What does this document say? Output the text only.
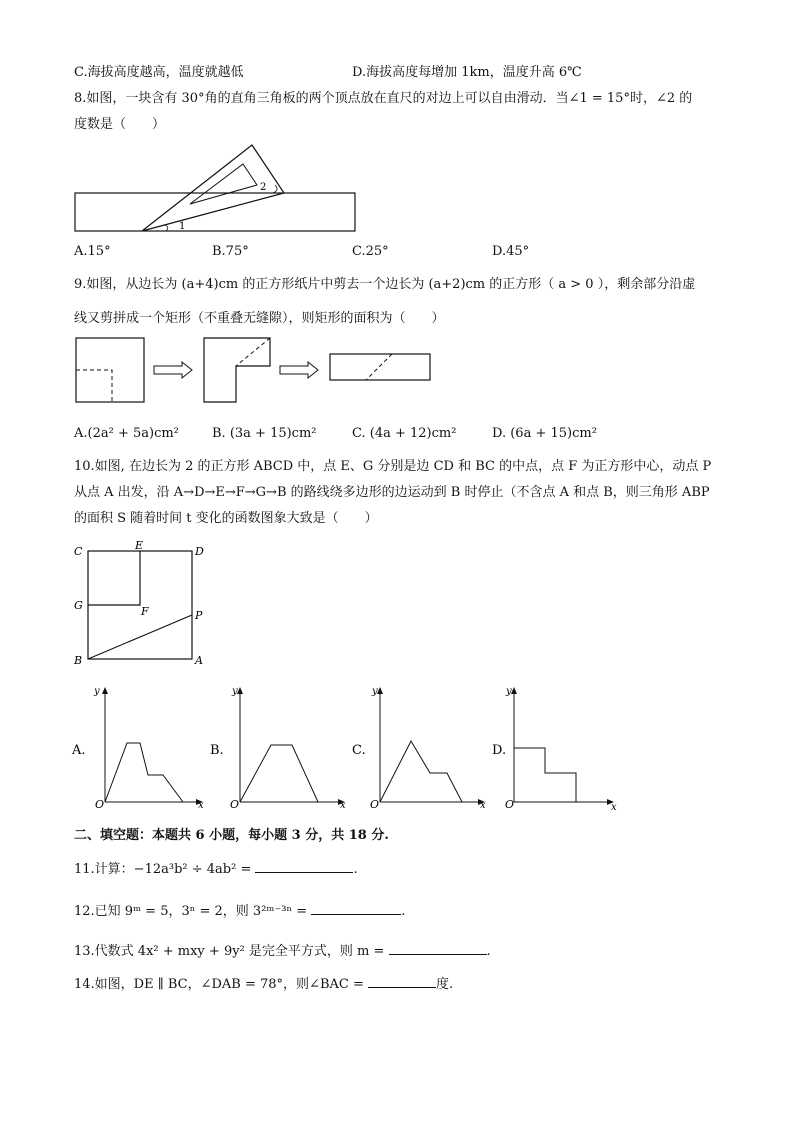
C.海拔高度越高，温度就越低	D.海拔高度每增加 1km，温度升高 6℃
8.如图，一块含有 30°角的直角三角板的两个顶点放在直尺的对边上可以自由滑动．当∠1 = 15°时，∠2 的
度数是（　　）
1
2
A.15°	B.75°	C.25°	D.45°
9.如图，从边长为 (a+4)cm 的正方形纸片中剪去一个边长为 (a+2)cm 的正方形（ a > 0 ），剩余部分沿虚
线又剪拼成一个矩形（不重叠无缝隙），则矩形的面积为（　　）
A.(2a² + 5a)cm²	B. (3a + 15)cm²	C. (4a + 12)cm²	D. (6a + 15)cm²
10.如图, 在边长为 2 的正方形 ABCD 中，点 E、G 分别是边 CD 和 BC 的中点，点 F 为正方形中心，动点 P
从点 A 出发，沿 A→D→E→F→G→B 的路线绕多边形的边运动到 B 时停止（不含点 A 和点 B，则三角形 ABP
的面积 S 随着时间 t 变化的函数图象大致是（　　）
C	E	D
G	F	P
B	A
A.
y
x
O
B.
y
x
O
C.
y
x
O
D.
y
x
O
二、填空题：本题共 6 小题，每小题 3 分，共 18 分.
11.计算：−12a³b² ÷ 4ab² =	.
12.已知 9ᵐ = 5，3ⁿ = 2，则 3²ᵐ⁻³ⁿ =	.
13.代数式 4x² + mxy + 9y² 是完全平方式，则 m =	.
14.如图，DE ∥ BC，∠DAB = 78°，则∠BAC =	度.
